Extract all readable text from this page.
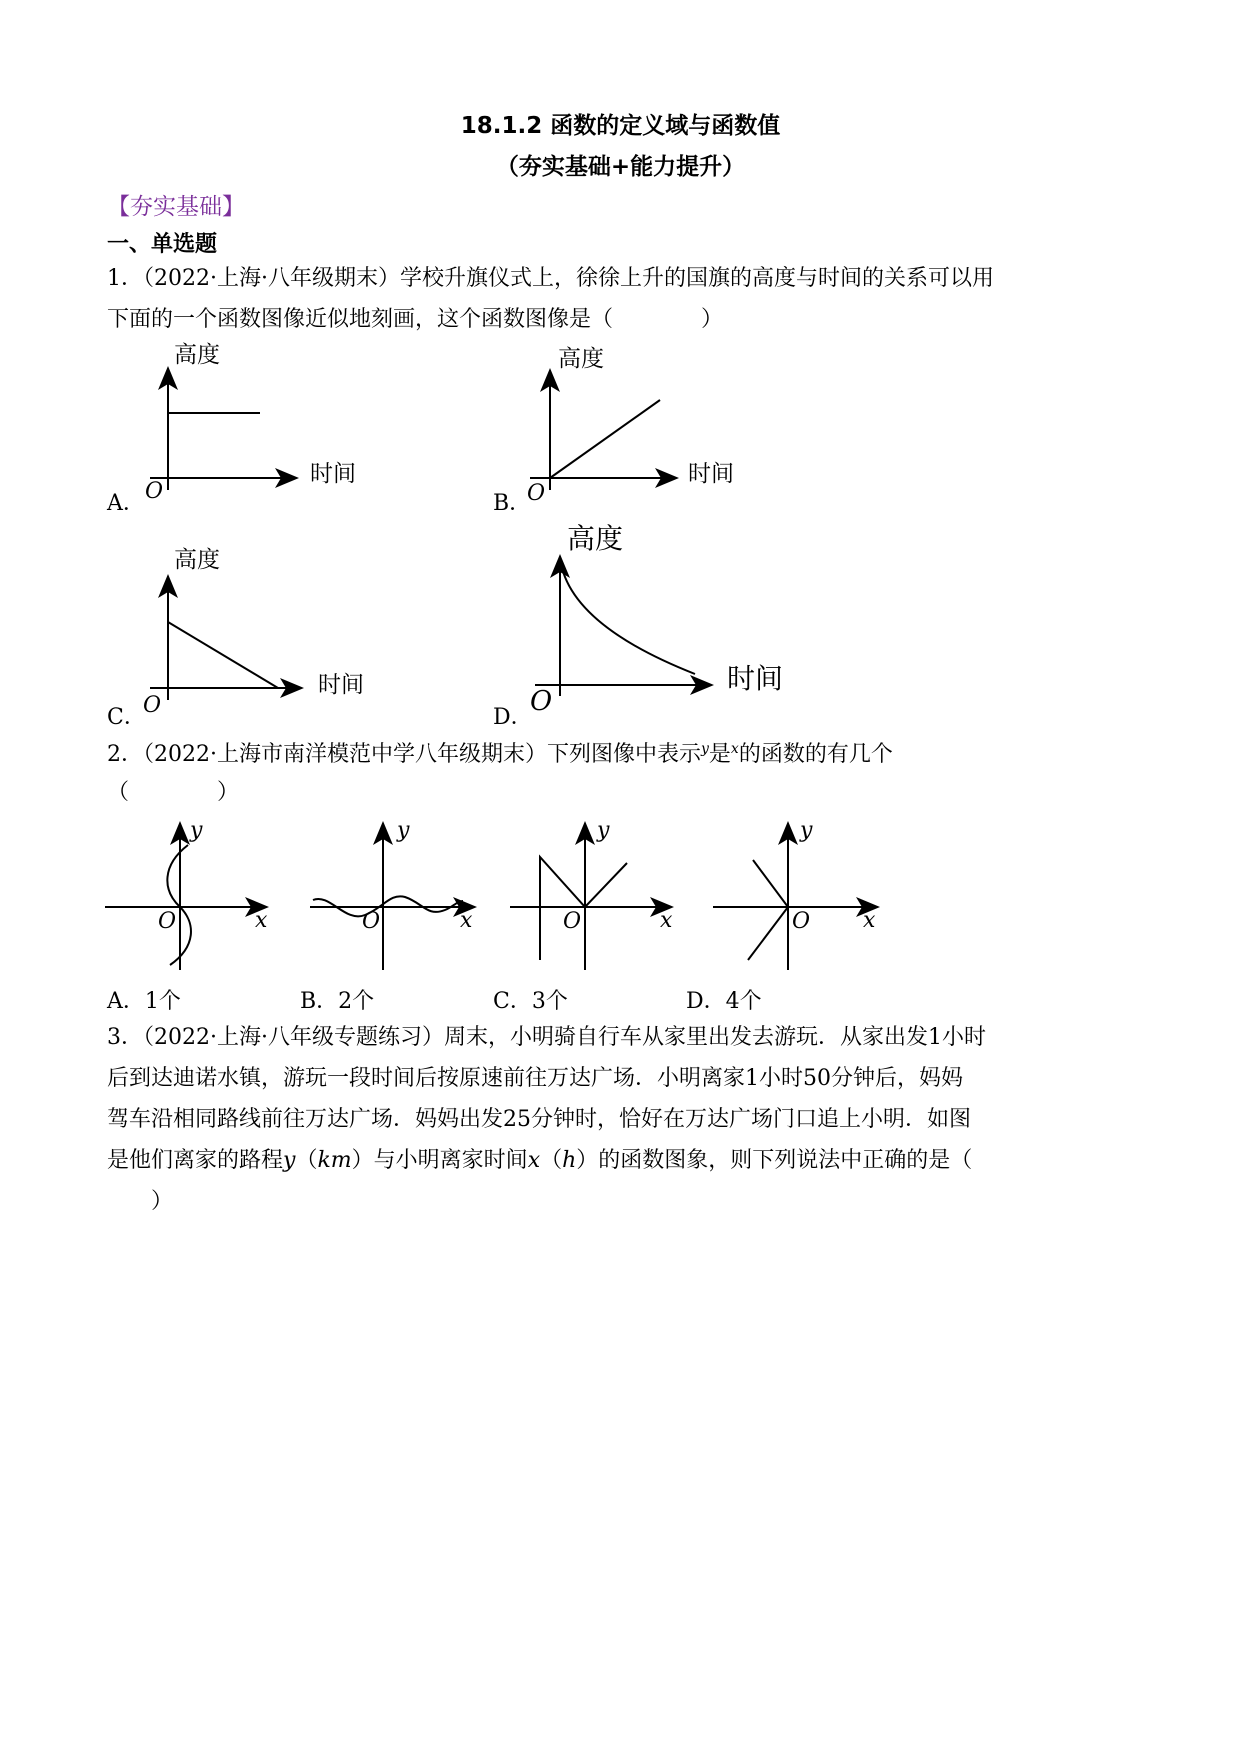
18.1.2 函数的定义域与函数值
（夯实基础+能力提升）
【夯实基础】
一、单选题
1．（2022·上海·八年级期末）学校升旗仪式上，徐徐上升的国旗的高度与时间的关系可以用
下面的一个函数图像近似地刻画，这个函数图像是（　　　　）
A．	B．
C．	D．
高度
时间
O
高度
时间
O
高度
时间
O
高度
时间
O
2．（2022·上海市南洋模范中学八年级期末）下列图像中表示$^y$是$^x$的函数的有几个
（　　　　）
y
x
O
y
x
O
y
x
O
y
x
O
A．1个	B．2个	C．3个	D．4个
3．（2022·上海·八年级专题练习）周末，小明骑自行车从家里出发去游玩．从家出发1小时
后到达迪诺水镇，游玩一段时间后按原速前往万达广场．小明离家1小时50分钟后，妈妈
驾车沿相同路线前往万达广场．妈妈出发25分钟时，恰好在万达广场门口追上小明．如图
是他们离家的路程y（km）与小明离家时间x（h）的函数图象，则下列说法中正确的是（
　　）
